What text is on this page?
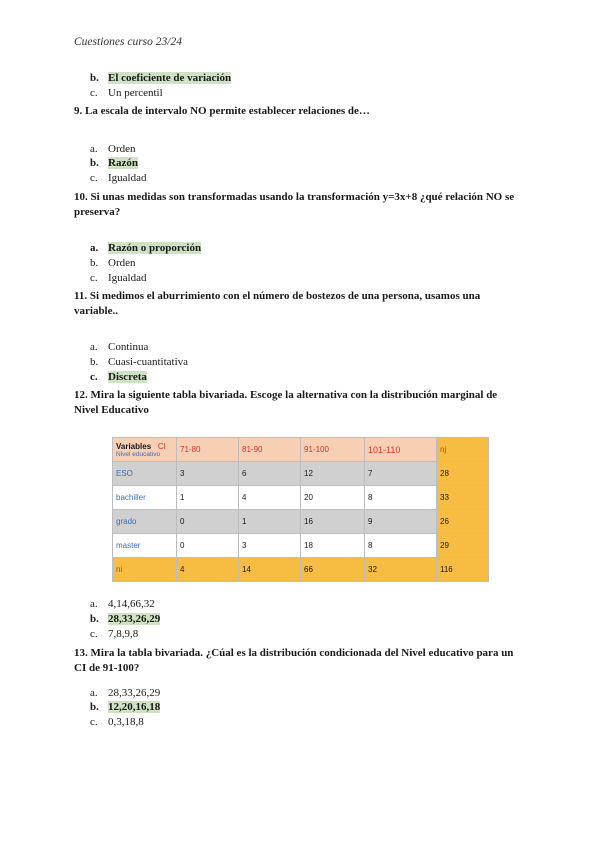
Cuestiones curso 23/24
b. El coeficiente de variación
c. Un percentil
9. La escala de intervalo NO permite establecer relaciones de…
a. Orden
b. Razón
c. Igualdad
10. Si unas medidas son transformadas usando la transformación y=3x+8 ¿qué relación NO se preserva?
a. Razón o proporción
b. Orden
c. Igualdad
11. Si medimos el aburrimiento con el número de bostezos de una persona, usamos una variable..
a. Continua
b. Cuasi-cuantitativa
c. Discreta
12. Mira la siguiente tabla bivariada. Escoge la alternativa con la distribución marginal de Nivel Educativo
Variables CI
Nivel educativo	71-80	81-90	91-100	101-110	nj
ESO	3	6	12	7	28
bachiller	1	4	20	8	33
grado	0	1	16	9	26
master	0	3	18	8	29
ni	4	14	66	32	116
a. 4,14,66,32
b. 28,33,26,29
c. 7,8,9,8
13. Mira la tabla bivariada. ¿Cúal es la distribución condicionada del Nivel educativo para un CI de 91-100?
a. 28,33,26,29
b. 12,20,16,18
c. 0,3,18,8
